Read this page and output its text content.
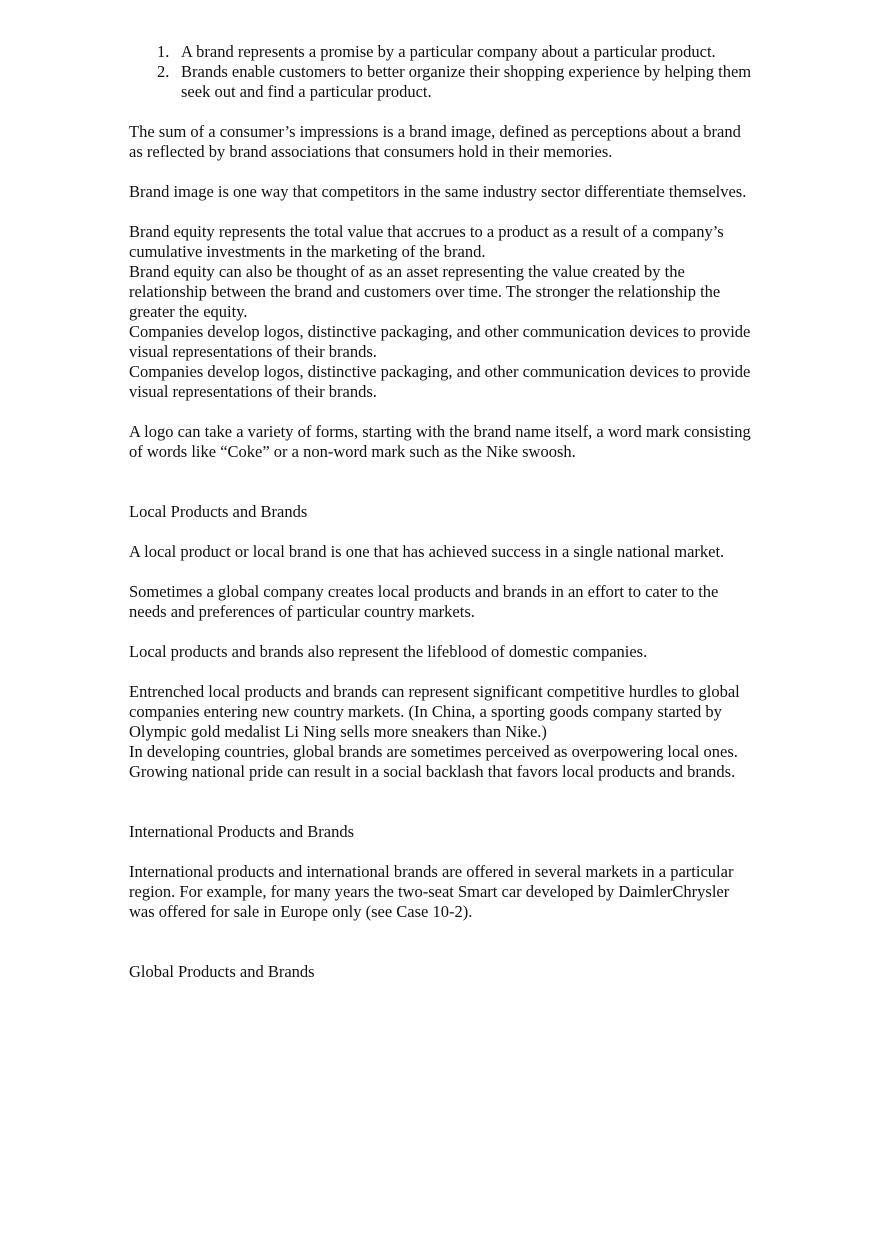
1. A brand represents a promise by a particular company about a particular product.
2. Brands enable customers to better organize their shopping experience by helping them seek out and find a particular product.

The sum of a consumer’s impressions is a brand image, defined as perceptions about a brand as reflected by brand associations that consumers hold in their memories.

Brand image is one way that competitors in the same industry sector differentiate themselves.

Brand equity represents the total value that accrues to a product as a result of a company’s cumulative investments in the marketing of the brand.

Brand equity can also be thought of as an asset representing the value created by the relationship between the brand and customers over time. The stronger the relationship the greater the equity.

Companies develop logos, distinctive packaging, and other communication devices to provide visual representations of their brands.

Companies develop logos, distinctive packaging, and other communication devices to provide visual representations of their brands.

A logo can take a variety of forms, starting with the brand name itself, a word mark consisting of words like “Coke” or a non-word mark such as the Nike swoosh.

Local Products and Brands

A local product or local brand is one that has achieved success in a single national market.

Sometimes a global company creates local products and brands in an effort to cater to the needs and preferences of particular country markets.

Local products and brands also represent the lifeblood of domestic companies.

Entrenched local products and brands can represent significant competitive hurdles to global companies entering new country markets. (In China, a sporting goods company started by Olympic gold medalist Li Ning sells more sneakers than Nike.)

In developing countries, global brands are sometimes perceived as overpowering local ones. Growing national pride can result in a social backlash that favors local products and brands.

International Products and Brands

International products and international brands are offered in several markets in a particular region. For example, for many years the two-seat Smart car developed by DaimlerChrysler was offered for sale in Europe only (see Case 10-2).

Global Products and Brands
